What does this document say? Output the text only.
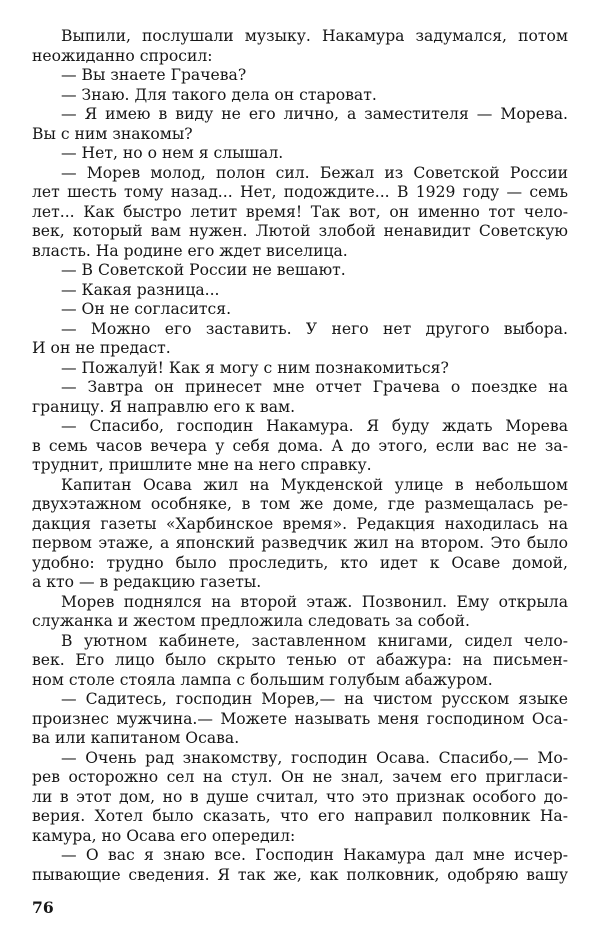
Выпили, послушали музыку. Накамура задумался, потом
неожиданно спросил:
— Вы знаете Грачева?
— Знаю. Для такого дела он староват.
— Я имею в виду не его лично, а заместителя — Морева.
Вы с ним знакомы?
— Нет, но о нем я слышал.
— Морев молод, полон сил. Бежал из Советской России
лет шесть тому назад... Нет, подождите... В 1929 году — семь
лет... Как быстро летит время! Так вот, он именно тот чело-
век, который вам нужен. Лютой злобой ненавидит Советскую
власть. На родине его ждет виселица.
— В Советской России не вешают.
— Какая разница...
— Он не согласится.
— Можно его заставить. У него нет другого выбора.
И он не предаст.
— Пожалуй! Как я могу с ним познакомиться?
— Завтра он принесет мне отчет Грачева о поездке на
границу. Я направлю его к вам.
— Спасибо, господин Накамура. Я буду ждать Морева
в семь часов вечера у себя дома. А до этого, если вас не за-
труднит, пришлите мне на него справку.
Капитан Осава жил на Мукденской улице в небольшом
двухэтажном особняке, в том же доме, где размещалась ре-
дакция газеты «Харбинское время». Редакция находилась на
первом этаже, а японский разведчик жил на втором. Это было
удобно: трудно было проследить, кто идет к Осаве домой,
а кто — в редакцию газеты.
Морев поднялся на второй этаж. Позвонил. Ему открыла
служанка и жестом предложила следовать за собой.
В уютном кабинете, заставленном книгами, сидел чело-
век. Его лицо было скрыто тенью от абажура: на письмен-
ном столе стояла лампа с большим голубым абажуром.
— Садитесь, господин Морев,— на чистом русском языке
произнес мужчина.— Можете называть меня господином Оса-
ва или капитаном Осава.
— Очень рад знакомству, господин Осава. Спасибо,— Мо-
рев осторожно сел на стул. Он не знал, зачем его пригласи-
ли в этот дом, но в душе считал, что это признак особого до-
верия. Хотел было сказать, что его направил полковник На-
камура, но Осава его опередил:
— О вас я знаю все. Господин Накамура дал мне исчер-
пывающие сведения. Я так же, как полковник, одобряю вашу
76
